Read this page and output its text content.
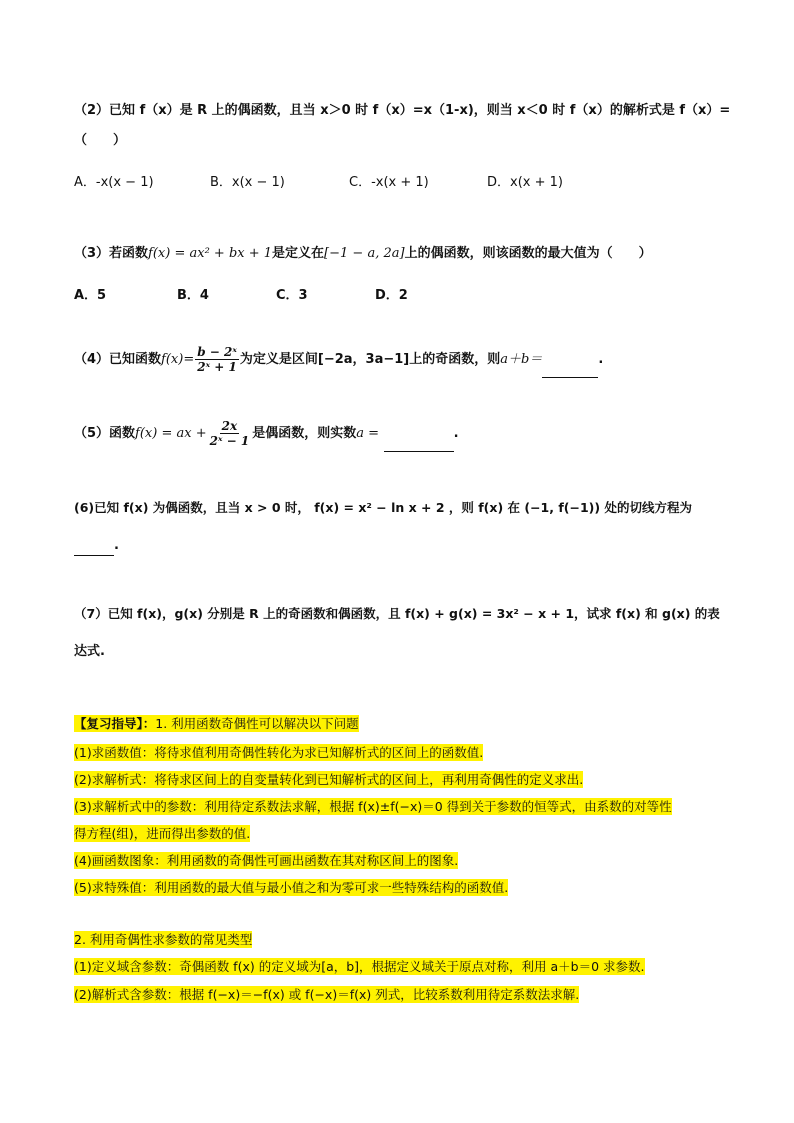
（2）已知 f（x）是 R 上的偶函数，且当 x＞0 时 f（x）=x（1-x)，则当 x＜0 时 f（x）的解析式是 f（x）=
（　　）
A．-x(x − 1)	B．x(x − 1)	C．-x(x + 1)	D．x(x + 1)
（3）若函数f(x) = ax² + bx + 1是定义在[−1 − a, 2a]上的偶函数，则该函数的最大值为（　　）
A．5	B．4	C．3	D．2
（4）已知函数$f(x)= \frac{\text{b − 2ˣ}}{\text{2ˣ + 1}}$ 为定义是区间[−2a，3a−1]上的奇函数，则a＋b＝	.
（5）函数f(x) = ax + $\frac{2x}{\text{2ˣ − 1}}$ 是偶函数，则实数a =	.
(6)已知 f(x) 为偶函数，且当 x > 0 时， f(x) = x² − ln x + 2 ，则 f(x) 在 (−1, f(−1)) 处的切线方程为
.
（7）已知 f(x)，g(x) 分别是 R 上的奇函数和偶函数，且 f(x) + g(x) = 3x² − x + 1，试求 f(x) 和 g(x) 的表
达式.
【复习指导】：1. 利用函数奇偶性可以解决以下问题
(1)求函数值：将待求值利用奇偶性转化为求已知解析式的区间上的函数值.
(2)求解析式：将待求区间上的自变量转化到已知解析式的区间上，再利用奇偶性的定义求出.
(3)求解析式中的参数：利用待定系数法求解，根据 f(x)±f(−x)＝0 得到关于参数的恒等式，由系数的对等性
得方程(组)，进而得出参数的值.
(4)画函数图象：利用函数的奇偶性可画出函数在其对称区间上的图象.
(5)求特殊值：利用函数的最大值与最小值之和为零可求一些特殊结构的函数值.
2. 利用奇偶性求参数的常见类型
(1)定义域含参数：奇偶函数 f(x) 的定义域为[a，b]，根据定义域关于原点对称，利用 a＋b＝0 求参数.
(2)解析式含参数：根据 f(−x)＝−f(x) 或 f(−x)＝f(x) 列式，比较系数利用待定系数法求解.
